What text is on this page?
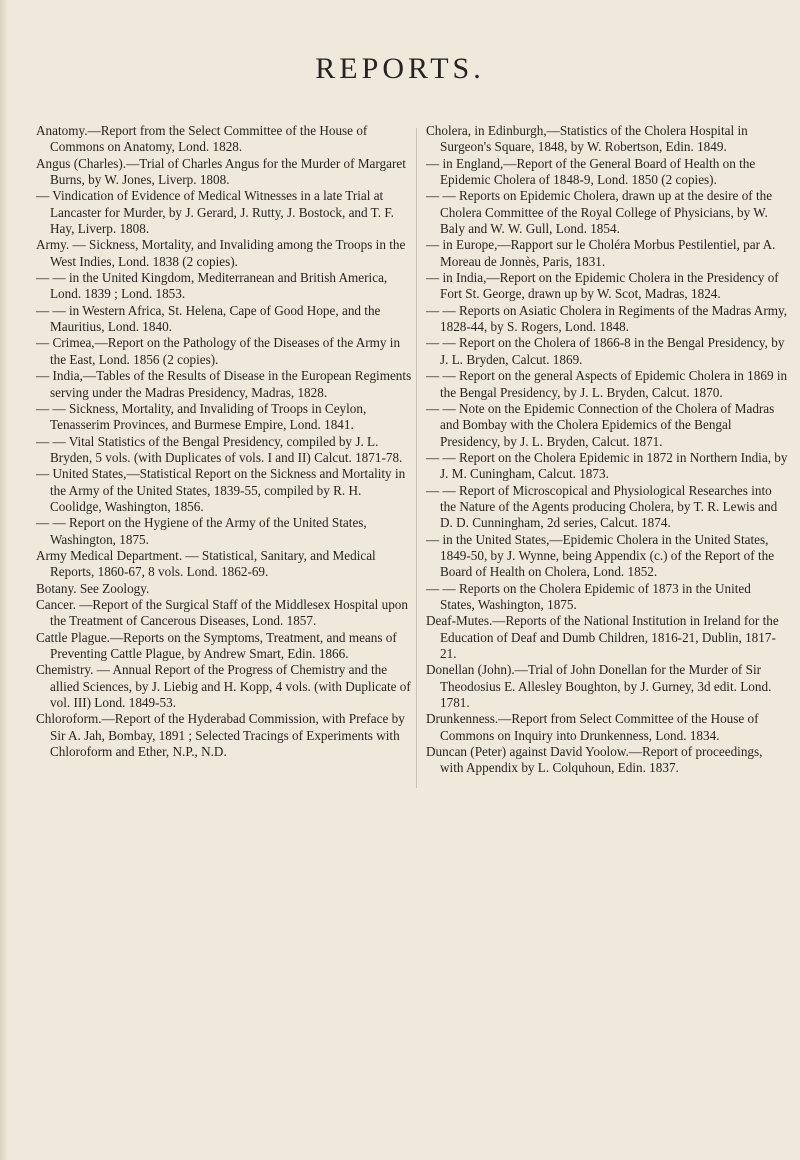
REPORTS.

Anatomy.—Report from the Select Committee of the House of Commons on Anatomy, Lond. 1828.

Angus (Charles).—Trial of Charles Angus for the Murder of Margaret Burns, by W. Jones, Liverp. 1808.

— Vindication of Evidence of Medical Witnesses in a late Trial at Lancaster for Murder, by J. Gerard, J. Rutty, J. Bostock, and T. F. Hay, Liverp. 1808.

Army. — Sickness, Mortality, and Invaliding among the Troops in the West Indies, Lond. 1838 (2 copies).

— — in the United Kingdom, Mediterranean and British America, Lond. 1839 ; Lond. 1853.

— — in Western Africa, St. Helena, Cape of Good Hope, and the Mauritius, Lond. 1840.

— Crimea,—Report on the Pathology of the Diseases of the Army in the East, Lond. 1856 (2 copies).

— India,—Tables of the Results of Disease in the European Regiments serving under the Madras Presidency, Madras, 1828.

— — Sickness, Mortality, and Invaliding of Troops in Ceylon, Tenasserim Provinces, and Burmese Empire, Lond. 1841.

— — Vital Statistics of the Bengal Presidency, compiled by J. L. Bryden, 5 vols. (with Duplicates of vols. I and II) Calcut. 1871-78.

— United States,—Statistical Report on the Sickness and Mortality in the Army of the United States, 1839-55, compiled by R. H. Coolidge, Washington, 1856.

— — Report on the Hygiene of the Army of the United States, Washington, 1875.

Army Medical Department. — Statistical, Sanitary, and Medical Reports, 1860-67, 8 vols. Lond. 1862-69.

Botany. See Zoology.

Cancer. —Report of the Surgical Staff of the Middlesex Hospital upon the Treatment of Cancerous Diseases, Lond. 1857.

Cattle Plague.—Reports on the Symptoms, Treatment, and means of Preventing Cattle Plague, by Andrew Smart, Edin. 1866.

Chemistry. — Annual Report of the Progress of Chemistry and the allied Sciences, by J. Liebig and H. Kopp, 4 vols. (with Duplicate of vol. III) Lond. 1849-53.

Chloroform.—Report of the Hyderabad Commission, with Preface by Sir A. Jah, Bombay, 1891 ; Selected Tracings of Experiments with Chloroform and Ether, N.P., N.D.

Cholera, in Edinburgh,—Statistics of the Cholera Hospital in Surgeon's Square, 1848, by W. Robertson, Edin. 1849.

— in England,—Report of the General Board of Health on the Epidemic Cholera of 1848-9, Lond. 1850 (2 copies).

— — Reports on Epidemic Cholera, drawn up at the desire of the Cholera Committee of the Royal College of Physicians, by W. Baly and W. W. Gull, Lond. 1854.

— in Europe,—Rapport sur le Choléra Morbus Pestilentiel, par A. Moreau de Jonnès, Paris, 1831.

— in India,—Report on the Epidemic Cholera in the Presidency of Fort St. George, drawn up by W. Scot, Madras, 1824.

— — Reports on Asiatic Cholera in Regiments of the Madras Army, 1828-44, by S. Rogers, Lond. 1848.

— — Report on the Cholera of 1866-8 in the Bengal Presidency, by J. L. Bryden, Calcut. 1869.

— — Report on the general Aspects of Epidemic Cholera in 1869 in the Bengal Presidency, by J. L. Bryden, Calcut. 1870.

— — Note on the Epidemic Connection of the Cholera of Madras and Bombay with the Cholera Epidemics of the Bengal Presidency, by J. L. Bryden, Calcut. 1871.

— — Report on the Cholera Epidemic in 1872 in Northern India, by J. M. Cuningham, Calcut. 1873.

— — Report of Microscopical and Physiological Researches into the Nature of the Agents producing Cholera, by T. R. Lewis and D. D. Cunningham, 2d series, Calcut. 1874.

— in the United States,—Epidemic Cholera in the United States, 1849-50, by J. Wynne, being Appendix (c.) of the Report of the Board of Health on Cholera, Lond. 1852.

— — Reports on the Cholera Epidemic of 1873 in the United States, Washington, 1875.

Deaf-Mutes.—Reports of the National Institution in Ireland for the Education of Deaf and Dumb Children, 1816-21, Dublin, 1817-21.

Donellan (John).—Trial of John Donellan for the Murder of Sir Theodosius E. Allesley Boughton, by J. Gurney, 3d edit. Lond. 1781.

Drunkenness.—Report from Select Committee of the House of Commons on Inquiry into Drunkenness, Lond. 1834.

Duncan (Peter) against David Yoolow.—Report of proceedings, with Appendix by L. Colquhoun, Edin. 1837.
